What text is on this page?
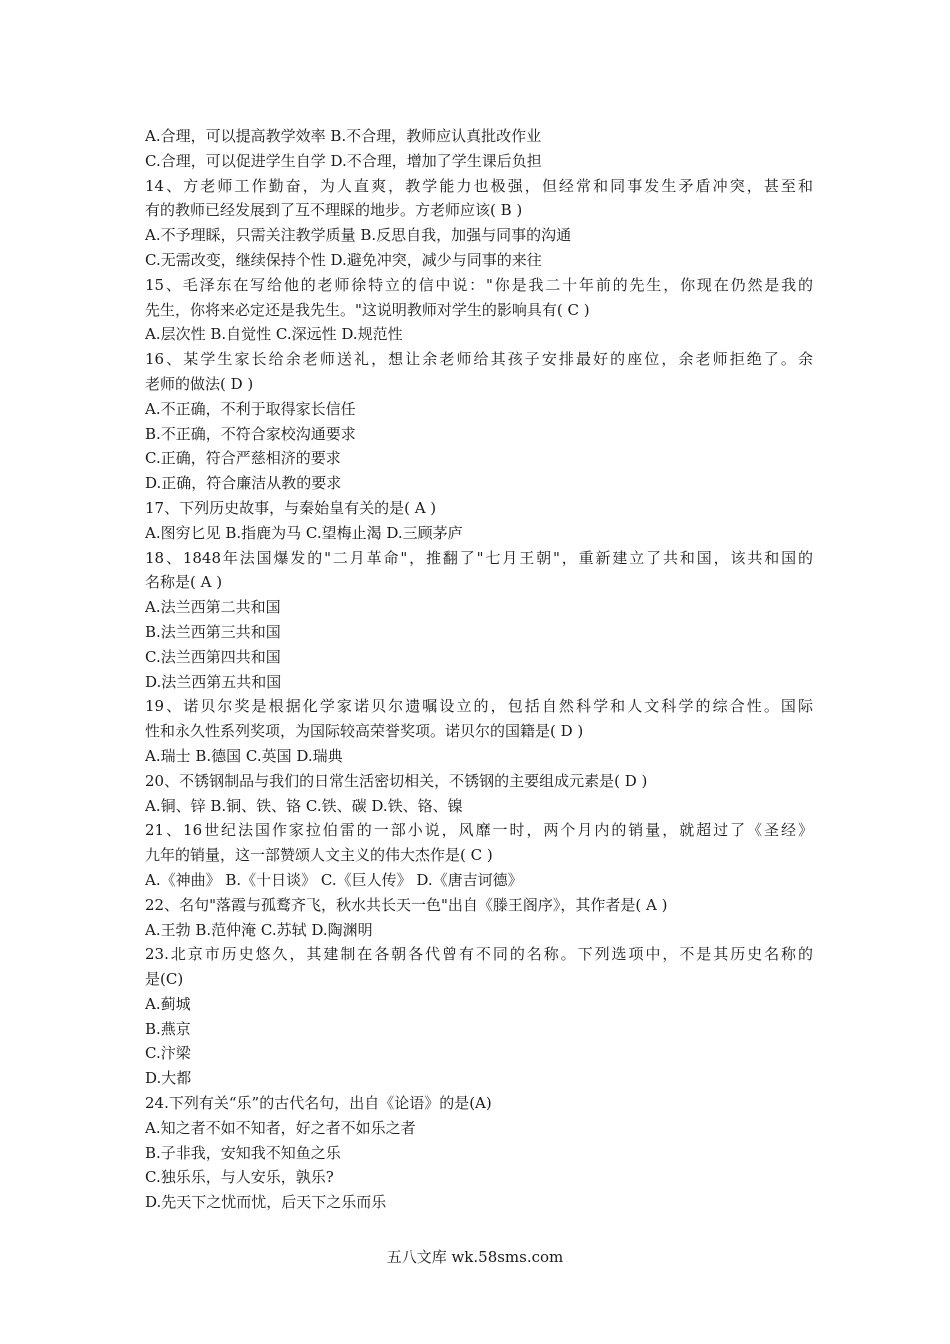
A.合理，可以提高教学效率 B.不合理，教师应认真批改作业
C.合理，可以促进学生自学 D.不合理，增加了学生课后负担
14、方老师工作勤奋，为人直爽，教学能力也极强，但经常和同事发生矛盾冲突，甚至和
有的教师已经发展到了互不理睬的地步。方老师应该( B )
A.不予理睬，只需关注教学质量 B.反思自我，加强与同事的沟通
C.无需改变，继续保持个性 D.避免冲突，减少与同事的来往
15、毛泽东在写给他的老师徐特立的信中说："你是我二十年前的先生，你现在仍然是我的
先生，你将来必定还是我先生。"这说明教师对学生的影响具有( C )
A.层次性 B.自觉性 C.深远性 D.规范性
16、某学生家长给余老师送礼，想让余老师给其孩子安排最好的座位，余老师拒绝了。余
老师的做法( D )
A.不正确，不利于取得家长信任
B.不正确，不符合家校沟通要求
C.正确，符合严慈相济的要求
D.正确，符合廉洁从教的要求
17、下列历史故事，与秦始皇有关的是( A )
A.图穷匕见 B.指鹿为马 C.望梅止渴 D.三顾茅庐
18、1848年法国爆发的"二月革命"，推翻了"七月王朝"，重新建立了共和国，该共和国的
名称是( A )
A.法兰西第二共和国
B.法兰西第三共和国
C.法兰西第四共和国
D.法兰西第五共和国
19、诺贝尔奖是根据化学家诺贝尔遗嘱设立的，包括自然科学和人文科学的综合性。国际
性和永久性系列奖项，为国际较高荣誉奖项。诺贝尔的国籍是( D )
A.瑞士 B.德国 C.英国 D.瑞典
20、不锈钢制品与我们的日常生活密切相关，不锈钢的主要组成元素是( D )
A.铜、锌 B.铜、铁、铬 C.铁、碳 D.铁、铬、镍
21、16世纪法国作家拉伯雷的一部小说，风靡一时，两个月内的销量，就超过了《圣经》
九年的销量，这一部赞颂人文主义的伟大杰作是( C )
A.《神曲》 B.《十日谈》 C.《巨人传》 D.《唐吉诃德》
22、名句"落霞与孤鹜齐飞，秋水共长天一色"出自《滕王阁序》，其作者是( A )
A.王勃 B.范仲淹 C.苏轼 D.陶渊明
23.北京市历史悠久，其建制在各朝各代曾有不同的名称。下列选项中，不是其历史名称的
是(C)
A.蓟城
B.燕京
C.汴梁
D.大都
24.下列有关“乐”的古代名句，出自《论语》的是(A)
A.知之者不如不知者，好之者不如乐之者
B.子非我，安知我不知鱼之乐
C.独乐乐，与人安乐，孰乐?
D.先天下之忧而忧，后天下之乐而乐
五八文库 wk.58sms.com
